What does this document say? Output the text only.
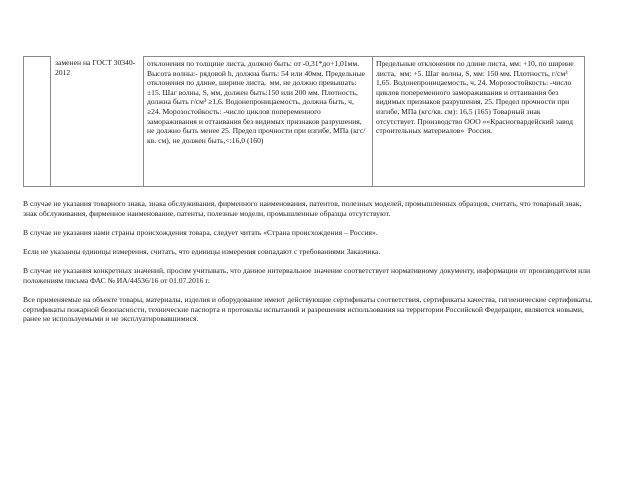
заменен на ГОСТ 30340-2012
отклонения по толщине листа, должно быть: от -0,31*до+1,01мм. Высота волны:- рядовой h, должна быть: 54 или 40мм. Предельные отклонения по длине, ширине листа,  мм, не должно превышать: ±15. Шаг волны, S, мм, должен быть:150 или 200 мм. Плотность, должна быть г/см³ ≥1,6. Водонепроницаемость, должна быть, ч, ≥24. Морозостойкость: -число циклов попеременного замораживания и оттаивания без видимых признаков разрушения, не должно быть менее 25. Предел прочности при изгибе, МПа (кгс/кв. см), не должен быть,<:16,0 (160)
Предельные отклонения по длине листа, мм: +10, по ширине листа,  мм: +5. Шаг волны, S, мм: 150 мм. Плотность, г/см³ 1,65. Водонепроницаемость, ч, 24. Морозостойкость: -число циклов попеременного замораживания и оттаивания без видимых признаков разрушения, 25. Предел прочности при изгибе, МПа (кгс/кв. см): 16,5 (165) Товарный знак отсутствует. Производство ООО ««Красногвардейский завод строительных материалов»  Россия.

В случае не указания товарного знака, знака обслуживания, фирменного наименования, патентов, полезных моделей, промышленных образцов, считать, что товарный знак, знак обслуживания, фирменное наименование, патенты, полезные модели, промышленные образцы отсутствуют.

В случае не указания нами страны происхождения товара, следует читать «Страна происхождения – Россия».

Если не указанны единицы измерения, считать, что единицы измерения совпадают с требованиями Заказчика.

В случае не указания конкретных значений, просим учитывать, что данное интервальное значение соответствует нормативному документу, информации от производителя или положениям письма ФАС № ИА/44536/16 от 01.07.2016 г.

Все применяемые на объекте товары, материалы, изделия и оборудование имеют действующие сертификаты соответствия, сертификаты качества, гигиенические сертификаты, сертификаты пожарной безопасности, технические паспорта и протоколы испытаний и разрешения использования на территории Российской Федерации, являются новыми, ранее не используемыми и не эксплуатировавшимися.
